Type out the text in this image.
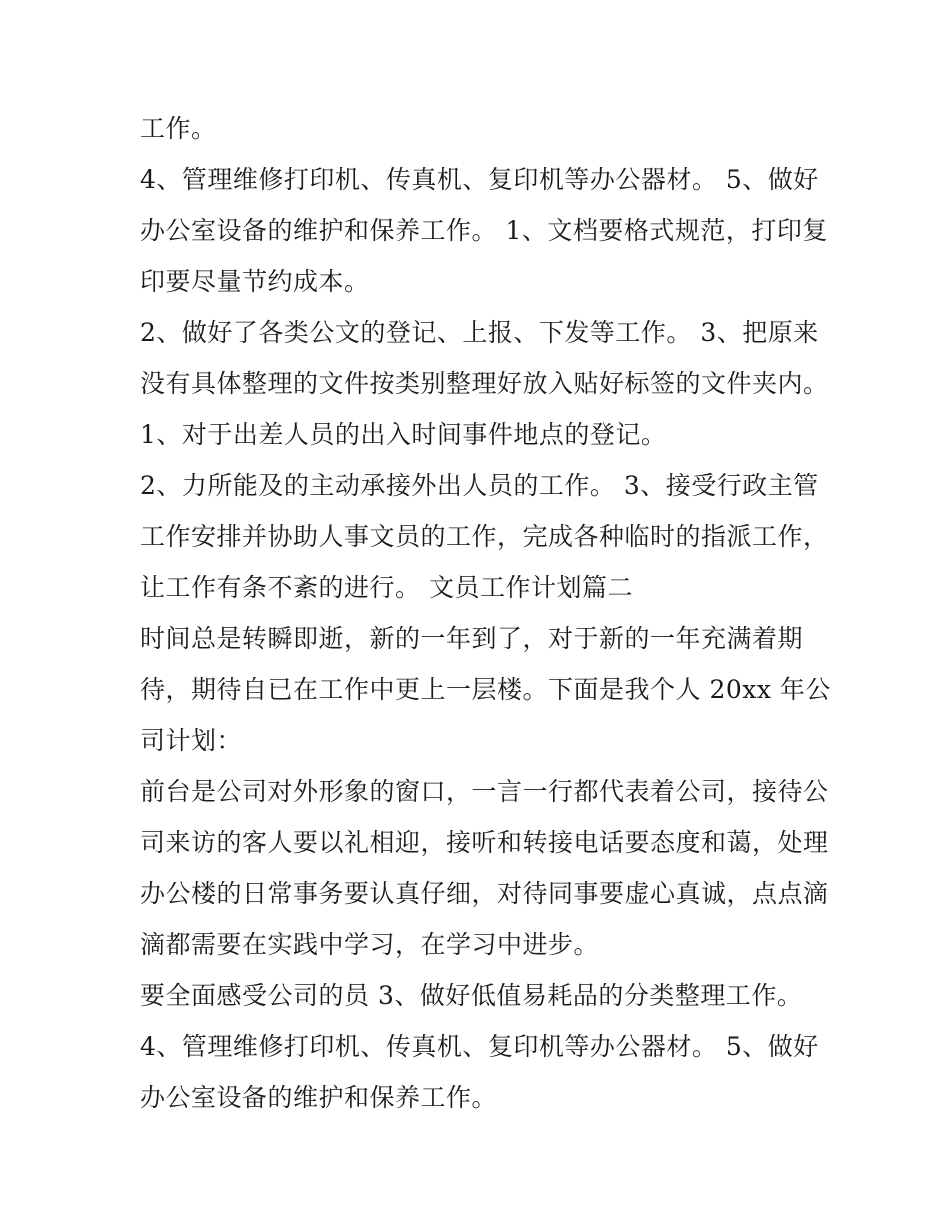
工作。
4、管理维修打印机、传真机、复印机等办公器材。 5、做好
办公室设备的维护和保养工作。 1、文档要格式规范，打印复
印要尽量节约成本。
2、做好了各类公文的登记、上报、下发等工作。 3、把原来
没有具体整理的文件按类别整理好放入贴好标签的文件夹内。
1、对于出差人员的出入时间事件地点的登记。
2、力所能及的主动承接外出人员的工作。 3、接受行政主管
工作安排并协助人事文员的工作，完成各种临时的指派工作，
让工作有条不紊的进行。 文员工作计划篇二
时间总是转瞬即逝，新的一年到了，对于新的一年充满着期
待，期待自已在工作中更上一层楼。下面是我个人 20xx 年公
司计划：
前台是公司对外形象的窗口，一言一行都代表着公司，接待公
司来访的客人要以礼相迎，接听和转接电话要态度和蔼，处理
办公楼的日常事务要认真仔细，对待同事要虚心真诚，点点滴
滴都需要在实践中学习，在学习中进步。
要全面感受公司的员 3、做好低值易耗品的分类整理工作。
4、管理维修打印机、传真机、复印机等办公器材。 5、做好
办公室设备的维护和保养工作。
